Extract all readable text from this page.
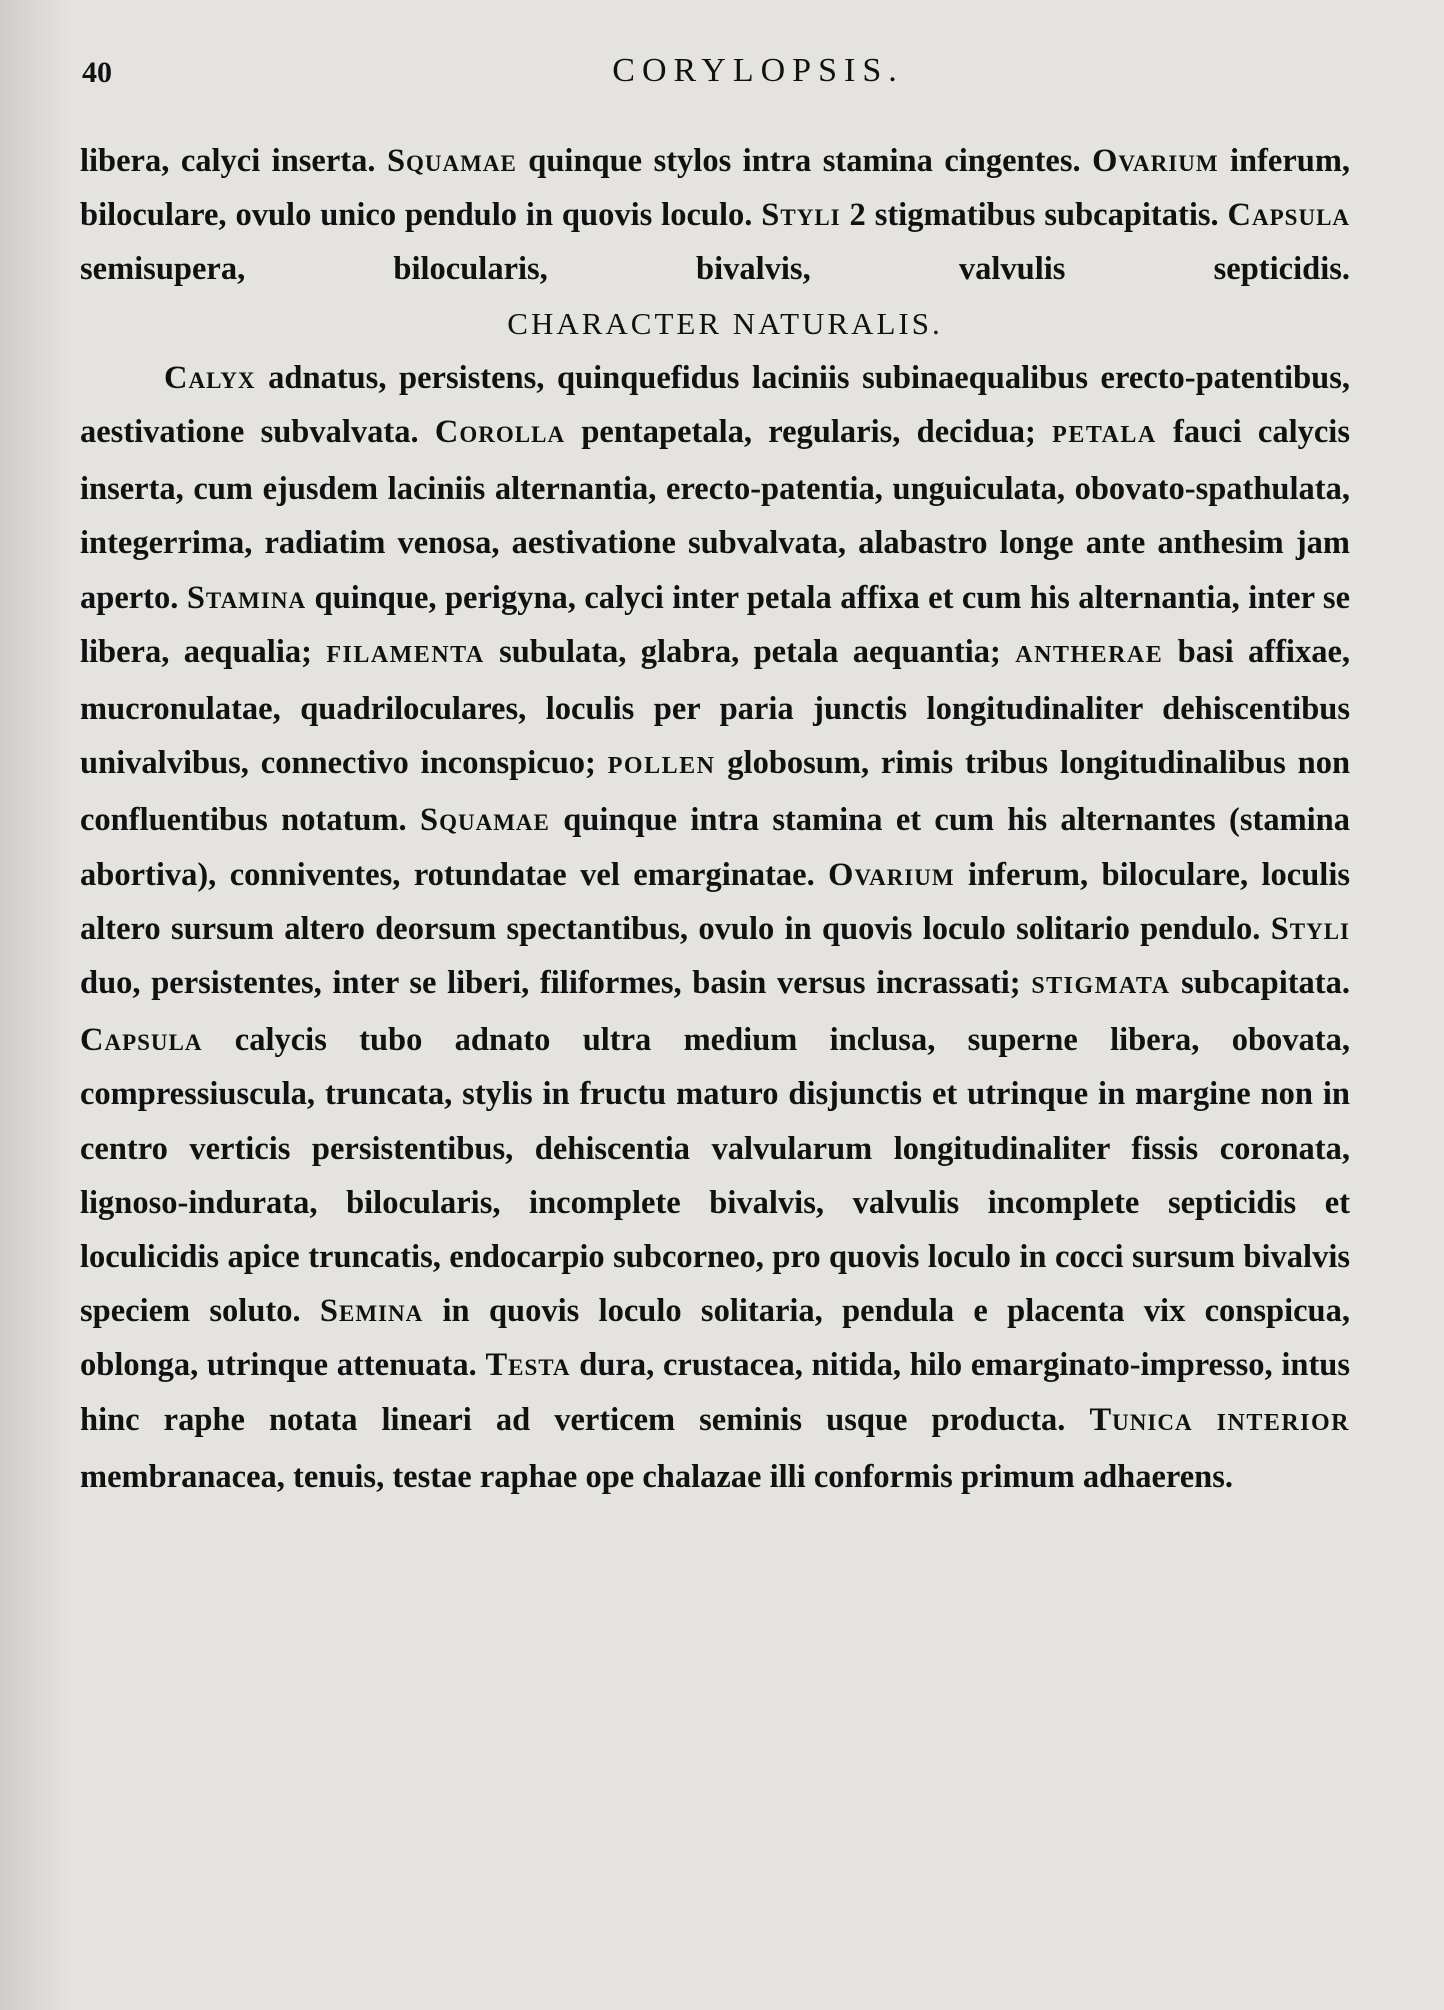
40	CORYLOPSIS.

libera, calyci inserta. Squamae quinque stylos intra stamina cingentes. Ovarium inferum, biloculare, ovulo unico pendulo in quovis loculo. Styli 2 stigmatibus subcapitatis. Capsula semisupera, bilocularis, bivalvis, valvulis septicidis.

CHARACTER NATURALIS.

Calyx adnatus, persistens, quinquefidus laciniis subinaequalibus erecto-patentibus, aestivatione subvalvata. Corolla pentapetala, regularis, decidua; PETALA fauci calycis inserta, cum ejusdem laciniis alternantia, erecto-patentia, unguiculata, obovato-spathulata, integerrima, radiatim venosa, aestivatione subvalvata, alabastro longe ante anthesim jam aperto. Stamina quinque, perigyna, calyci inter petala affixa et cum his alternantia, inter se libera, aequalia; FILAMENTA subulata, glabra, petala aequantia; ANTHERAE basi affixae, mucronulatae, quadriloculares, loculis per paria junctis longitudinaliter dehiscentibus univalvibus, connectivo inconspicuo; POLLEN globosum, rimis tribus longitudinalibus non confluentibus notatum. Squamae quinque intra stamina et cum his alternantes (stamina abortiva), conniventes, rotundatae vel emarginatae. Ovarium inferum, biloculare, loculis altero sursum altero deorsum spectantibus, ovulo in quovis loculo solitario pendulo. Styli duo, persistentes, inter se liberi, filiformes, basin versus incrassati; STIGMATA subcapitata. Capsula calycis tubo adnato ultra medium inclusa, superne libera, obovata, compressiuscula, truncata, stylis in fructu maturo disjunctis et utrinque in margine non in centro verticis persistentibus, dehiscentia valvularum longitudinaliter fissis coronata, lignoso-indurata, bilocularis, incomplete bivalvis, valvulis incomplete septicidis et loculicidis apice truncatis, endocarpio subcorneo, pro quovis loculo in cocci sursum bivalvis speciem soluto. Semina in quovis loculo solitaria, pendula e placenta vix conspicua, oblonga, utrinque attenuata. Testa dura, crustacea, nitida, hilo emarginato-impresso, intus hinc raphe notata lineari ad verticem seminis usque producta. Tunica INTERIOR membranacea, tenuis, testae raphae ope chalazae illi conformis primum adhaerens.
